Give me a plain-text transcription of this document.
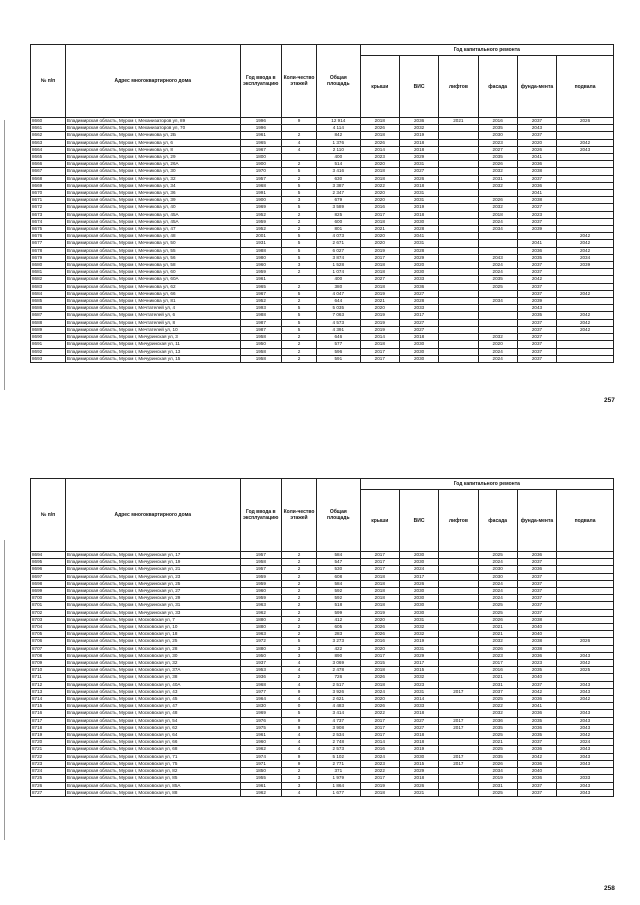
№ п/п	Адрес многоквартирного дома	Год ввода в эксплуатацию	Коли-чество этажей	Общая площадь	Год капитального ремонта					
					крыши	ВИС	лифтов	фасада	фунда-мента	подвала
8660	Владимирская область, Муром г, Механизаторов ул, 89	1996	9	12 914	2018	2036	2021	2016	2037	2026
8661	Владимирская область, Муром г, Механизаторов ул, 70	1996		4 114	2026	2032		2035	2043	
8662	Владимирская область, Муром г, Мечникова ул, 2Б	1961	2	842	2018	2019		2030	2037	
8663	Владимирская область, Муром г, Мечникова ул, 6	1965	4	1 376	2026	2018		2023	2020	2042
8664	Владимирская область, Муром г, Мечникова ул, 8	1967	4	2 110	2014	2018		2027	2026	2043
8665	Владимирская область, Муром г, Мечникова ул, 29	1800		400	2023	2029		2035	2041	
8666	Владимирская область, Муром г, Мечникова ул, 26А	1900	2	514	2020	2031		2026	2036	
8667	Владимирская область, Муром г, Мечникова ул, 30	1970	5	3 416	2018	2027		2032	2038	
8668	Владимирская область, Муром г, Мечникова ул, 32	1957	2	630	2018	2026		2031	2037	
8669	Владимирская область, Муром г, Мечникова ул, 34	1968	5	3 387	2022	2018		2032	2036	
8670	Владимирская область, Муром г, Мечникова ул, 36	1991	5	2 347	2020	2031			2041	
8671	Владимирская область, Муром г, Мечникова ул, 39	1900	3	679	2020	2031		2026	2038	
8672	Владимирская область, Муром г, Мечникова ул, 40	1969	5	3 589	2016	2019		2032	2027	
8673	Владимирская область, Муром г, Мечникова ул, 45А	1952	2	825	2017	2018		2018	2023	
8674	Владимирская область, Муром г, Мечникова ул, 45А	1959	2	600	2018	2030		2024	2037	
8675	Владимирская область, Муром г, Мечникова ул, 47	1952	2	801	2021	2028		2034	2039	
8676	Владимирская область, Муром г, Мечникова ул, 48	2001	5	4 073	2020	2041				2042
8677	Владимирская область, Муром г, Мечникова ул, 50	1931	5	2 671	2020	2031			2041	2042
8678	Владимирская область, Муром г, Мечникова ул, 55	1988	5	6 027	2019	2028			2036	2042
8679	Владимирская область, Муром г, Мечникова ул, 56	1980	5	3 874	2017	2029		2043	2035	2034
8680	Владимирская область, Муром г, Мечникова ул, 58	1960	3	1 528	2018	2020		2024	2037	2039
8681	Владимирская область, Муром г, Мечникова ул, 60	1959	2	1 074	2018	2030		2024	2037	
8682	Владимирская область, Муром г, Мечникова ул, 60А	1961		400	2027	2033		2035	2042	
8683	Владимирская область, Муром г, Мечникова ул, 62	1965	2	380	2018	2036		2025	2037	
8684	Владимирская область, Муром г, Мечникова ул, 66	1967	5	4 047	2019	2027			2037	2042
8685	Владимирская область, Муром г, Мечникова ул, 81	1952	2	644	2021	2028		2034	2039	
8686	Владимирская область, Муром г, Мечтателей ул, 4	1993	5	5 035	2020	2033			2043	
8687	Владимирская область, Муром г, Мечтателей ул, 6	1988	5	7 063	2019	2017			2035	2042
8688	Владимирская область, Муром г, Мечтателей ул, 8	1987	5	4 573	2019	2027			2037	2042
8689	Владимирская область, Муром г, Мечтателей ул, 10	1987	5	4 391	2019	2027			2037	2042
8690	Владимирская область, Муром г, Мичуринская ул, 3	1958	2	646	2014	2018		2032	2027	
8691	Владимирская область, Муром г, Мичуринская ул, 11	1950	2	577	2018	2030		2020	2037	
8692	Владимирская область, Муром г, Мичуринская ул, 13	1958	2	596	2017	2030		2024	2037	
8693	Владимирская область, Муром г, Мичуринская ул, 15	1958	2	591	2017	2030		2024	2037	
257
№ п/п	Адрес многоквартирного дома	Год ввода в эксплуатацию	Коли-чество этажей	Общая площадь	Год капитального ремонта					
					крыши	ВИС	лифтов	фасада	фунда-мента	подвала
8694	Владимирская область, Муром г, Мичуринская ул, 17	1957	2	584	2017	2030		2025	2036	
8695	Владимирская область, Муром г, Мичуринская ул, 19	1958	2	547	2017	2030		2024	2037	
8696	Владимирская область, Муром г, Мичуринская ул, 21	1957	2	530	2017	2024		2030	2036	
8697	Владимирская область, Муром г, Мичуринская ул, 23	1959	2	608	2018	2017		2030	2037	
8698	Владимирская область, Муром г, Мичуринская ул, 25	1959	2	584	2018	2026		2024	2037	
8699	Владимирская область, Муром г, Мичуринская ул, 27	1960	2	592	2018	2030		2024	2037	
8700	Владимирская область, Муром г, Мичуринская ул, 29	1959	2	592	2018	2030		2024	2037	
8701	Владимирская область, Муром г, Мичуринская ул, 31	1963	2	518	2018	2030		2025	2037	
8702	Владимирская область, Муром г, Мичуринская ул, 33	1962	2	599	2019	2030		2025	2037	
8703	Владимирская область, Муром г, Московская ул, 7	1880	2	412	2020	2031		2026	2038	
8704	Владимирская область, Муром г, Московская ул, 10	1880	2	605	2026	2032		2021	2040	
8705	Владимирская область, Муром г, Московская ул, 18	1963	2	283	2026	2032		2021	2040	
8706	Владимирская область, Муром г, Московская ул, 25	1972	5	3 273	2016	2019		2032	2038	2026
8707	Владимирская область, Муром г, Московская ул, 28	1880	3	422	2020	2031		2026	2038	
8708	Владимирская область, Муром г, Московская ул, 30	1950	3	890	2017	2029		2023	2036	2043
8709	Владимирская область, Муром г, Московская ул, 32	1937	4	3 069	2015	2017		2017	2023	2042
8710	Владимирская область, Муром г, Московская ул, 37А	1953	4	2 478	2018	2015		2016	2035	2025
8711	Владимирская область, Муром г, Московская ул, 38	1936	2	726	2026	2032		2021	2040	
8712	Владимирская область, Муром г, Московская ул, 40А	1968	4	2 517	2018	2023		2031	2037	2043
8713	Владимирская область, Муром г, Московская ул, 43	1977	9	3 926	2024	2031	2017	2037	2042	2043
8714	Владимирская область, Муром г, Московская ул, 45	1964	4	2 621	2020	2014		2025	2036	2042
8715	Владимирская область, Муром г, Московская ул, 47	1830	0	4 483	2026	2033		2022	2041	
8716	Владимирская область, Муром г, Московская ул, 48	1969	5	3 414	2022	2018		2032	2036	2043
8717	Владимирская область, Муром г, Московская ул, 54	1976	9	4 737	2017	2027	2017	2036	2035	2043
8718	Владимирская область, Муром г, Московская ул, 62	1975	9	3 908	2017	2027	2017	2035	2036	2043
8719	Владимирская область, Муром г, Московская ул, 64	1961	4	2 534	2017	2018		2025	2035	2042
8720	Владимирская область, Муром г, Московская ул, 66	1960	4	2 748	2014	2018		2021	2037	2024
8721	Владимирская область, Муром г, Московская ул, 68	1962	4	2 573	2016	2019		2025	2036	2043
8722	Владимирская область, Муром г, Московская ул, 71	1974	9	5 102	2024	2030	2017	2035	2042	2043
8723	Владимирская область, Муром г, Московская ул, 75	1971	9	2 771	2023	2015	2017	2026	2036	2043
8724	Владимирская область, Муром г, Московская ул, 82	1850	2	371	2022	2029		2034	2040	
8725	Владимирская область, Муром г, Московская ул, 85	1955	3	1 979	2017	2018		2019	2036	2033
8726	Владимирская область, Муром г, Московская ул, 85А	1961	3	1 864	2019	2026		2031	2037	2043
8727	Владимирская область, Муром г, Московская ул, 88	1962	4	1 677	2018	2021		2025	2037	2043
258
